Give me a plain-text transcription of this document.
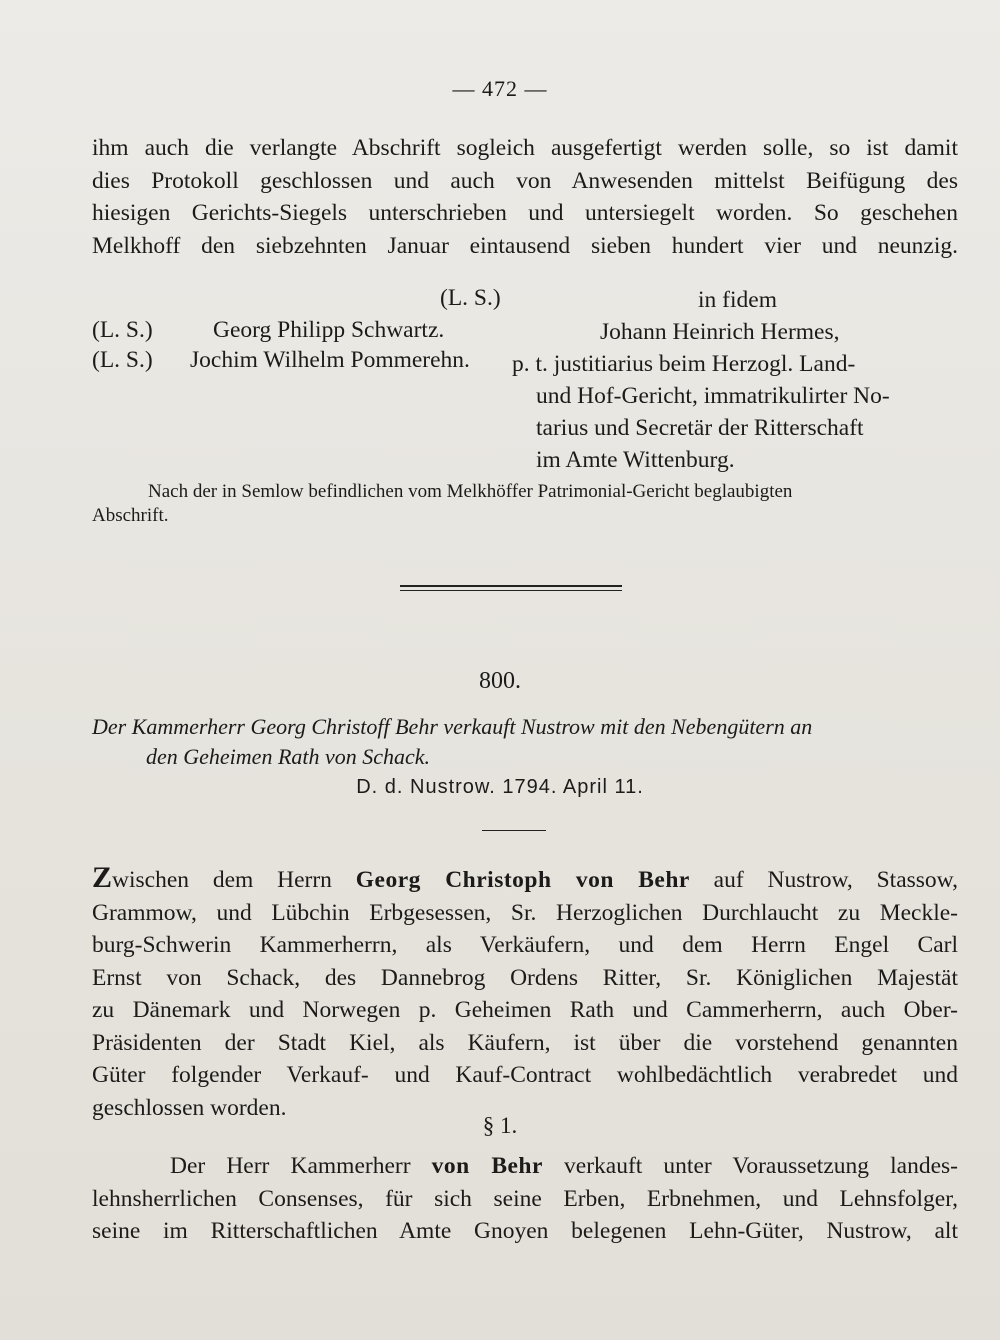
— 472 —
ihm auch die verlangte Abschrift sogleich ausgefertigt werden solle, so ist damit
dies Protokoll geschlossen und auch von Anwesenden mittelst Beifügung des
hiesigen Gerichts-Siegels unterschrieben und untersiegelt worden. So geschehen
Melkhoff den siebzehnten Januar eintausend sieben hundert vier und neunzig.
(L. S.)	in fidem
(L. S.)	Georg Philipp Schwartz.
(L. S.) Jochim Wilhelm Pommerehn.
Johann Heinrich Hermes,
p. t. justitiarius beim Herzogl. Land-
und Hof-Gericht, immatrikulirter No-
tarius und Secretär der Ritterschaft
im Amte Wittenburg.
Nach der in Semlow befindlichen vom Melkhöffer Patrimonial-Gericht beglaubigten
Abschrift.
800.
Der Kammerherr Georg Christoff Behr verkauft Nustrow mit den Nebengütern an
den Geheimen Rath von Schack.
D. d. Nustrow. 1794. April 11.
Zwischen dem Herrn Georg Christoph von Behr auf Nustrow, Stassow,
Grammow, und Lübchin Erbgesessen, Sr. Herzoglichen Durchlaucht zu Meckle-
burg-Schwerin Kammerherrn, als Verkäufern, und dem Herrn Engel Carl
Ernst von Schack, des Dannebrog Ordens Ritter, Sr. Königlichen Majestät
zu Dänemark und Norwegen p. Geheimen Rath und Cammerherrn, auch Ober-
Präsidenten der Stadt Kiel, als Käufern, ist über die vorstehend genannten
Güter folgender Verkauf- und Kauf-Contract wohlbedächtlich verabredet und
geschlossen worden.
§ 1.
Der Herr Kammerherr von Behr verkauft unter Voraussetzung landes-
lehnsherrlichen Consenses, für sich seine Erben, Erbnehmen, und Lehnsfolger,
seine im Ritterschaftlichen Amte Gnoyen belegenen Lehn-Güter, Nustrow, alt
